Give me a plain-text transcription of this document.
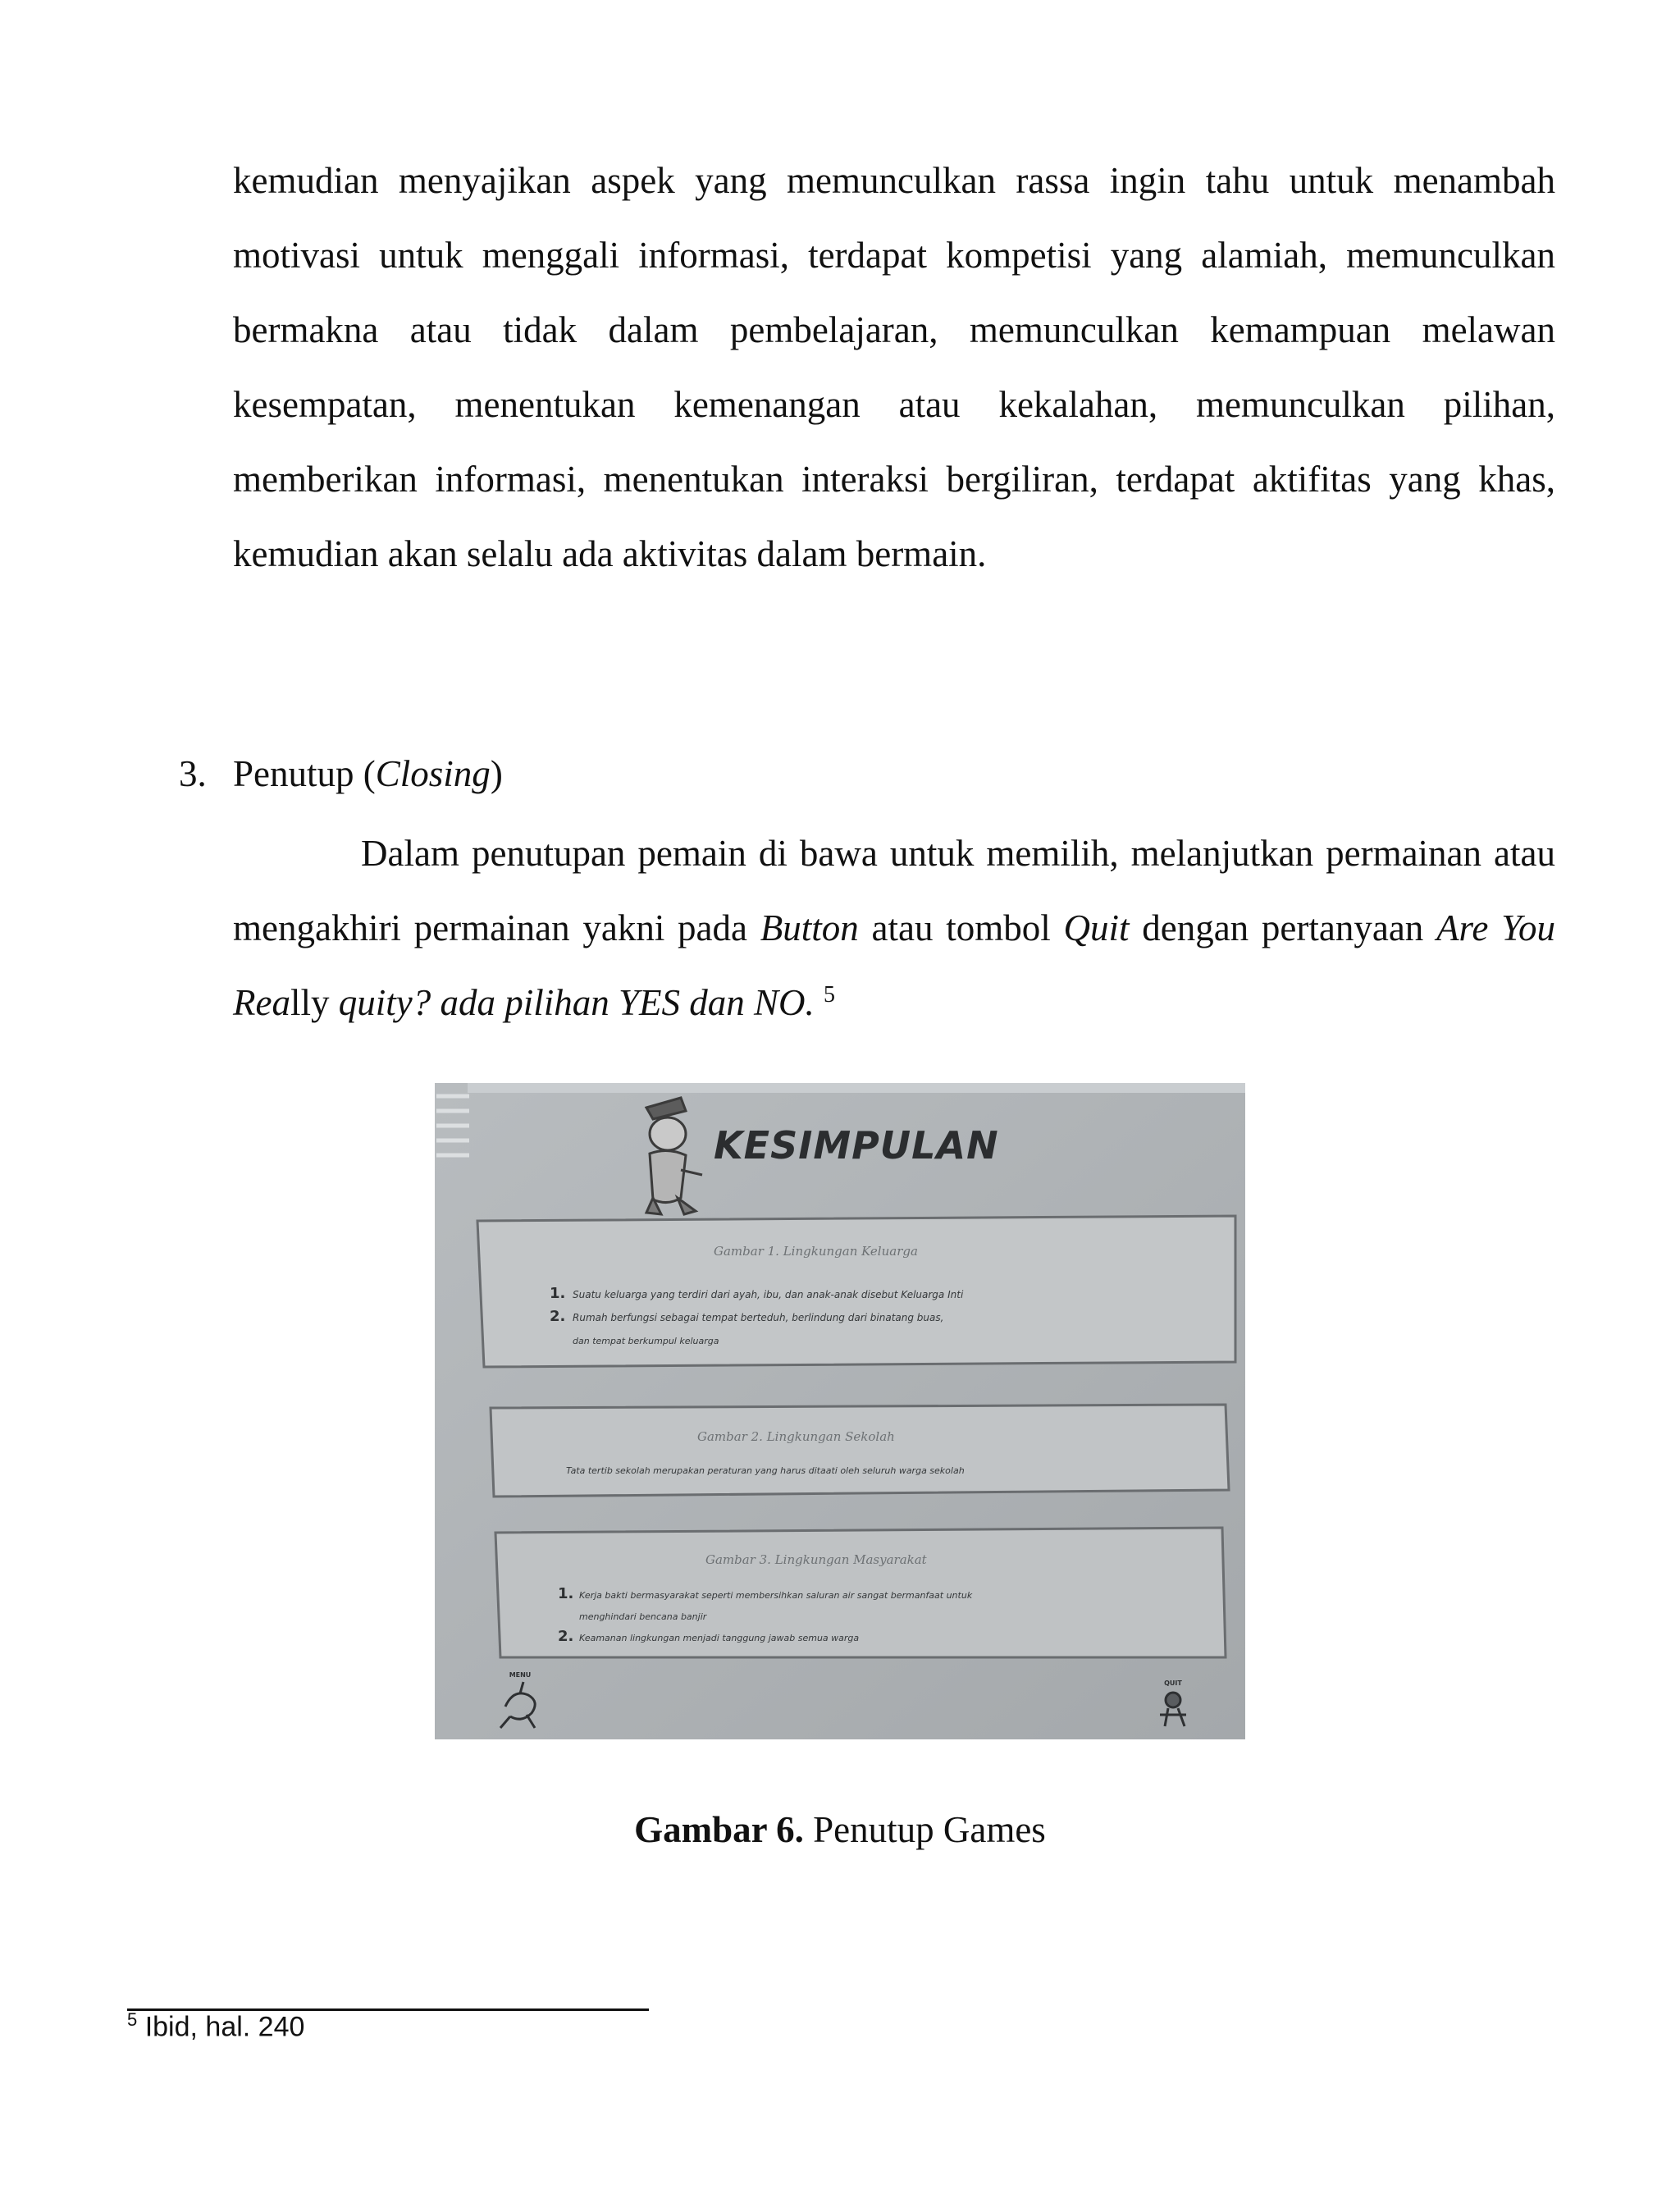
kemudian menyajikan aspek yang memunculkan rassa ingin tahu untuk menambah motivasi untuk menggali informasi, terdapat kompetisi yang alamiah, memunculkan bermakna atau tidak dalam pembelajaran, memunculkan kemampuan melawan kesempatan, menentukan kemenangan atau kekalahan, memunculkan pilihan, memberikan informasi, menentukan interaksi bergiliran, terdapat aktifitas yang khas, kemudian akan selalu ada aktivitas dalam bermain.

3. Penutup (Closing)

Dalam penutupan pemain di bawa untuk memilih, melanjutkan permainan atau mengakhiri permainan yakni pada Button atau tombol Quit dengan pertanyaan Are You Really quity? ada pilihan YES dan NO. $^5$

KESIMPULAN
Gambar 1. Lingkungan Keluarga
1. Suatu keluarga yang terdiri dari ayah, ibu, dan anak-anak disebut Keluarga Inti
2. Rumah berfungsi sebagai tempat berteduh, berlindung dari binatang buas,
dan tempat berkumpul keluarga
Gambar 2. Lingkungan Sekolah
Tata tertib sekolah merupakan peraturan yang harus ditaati oleh seluruh warga sekolah
Gambar 3. Lingkungan Masyarakat
1. Kerja bakti bermasyarakat seperti membersihkan saluran air sangat bermanfaat untuk
menghindari bencana banjir
2. Keamanan lingkungan menjadi tanggung jawab semua warga
MENU
QUIT

Gambar 6. Penutup Games

$^5$ Ibid, hal. 240
